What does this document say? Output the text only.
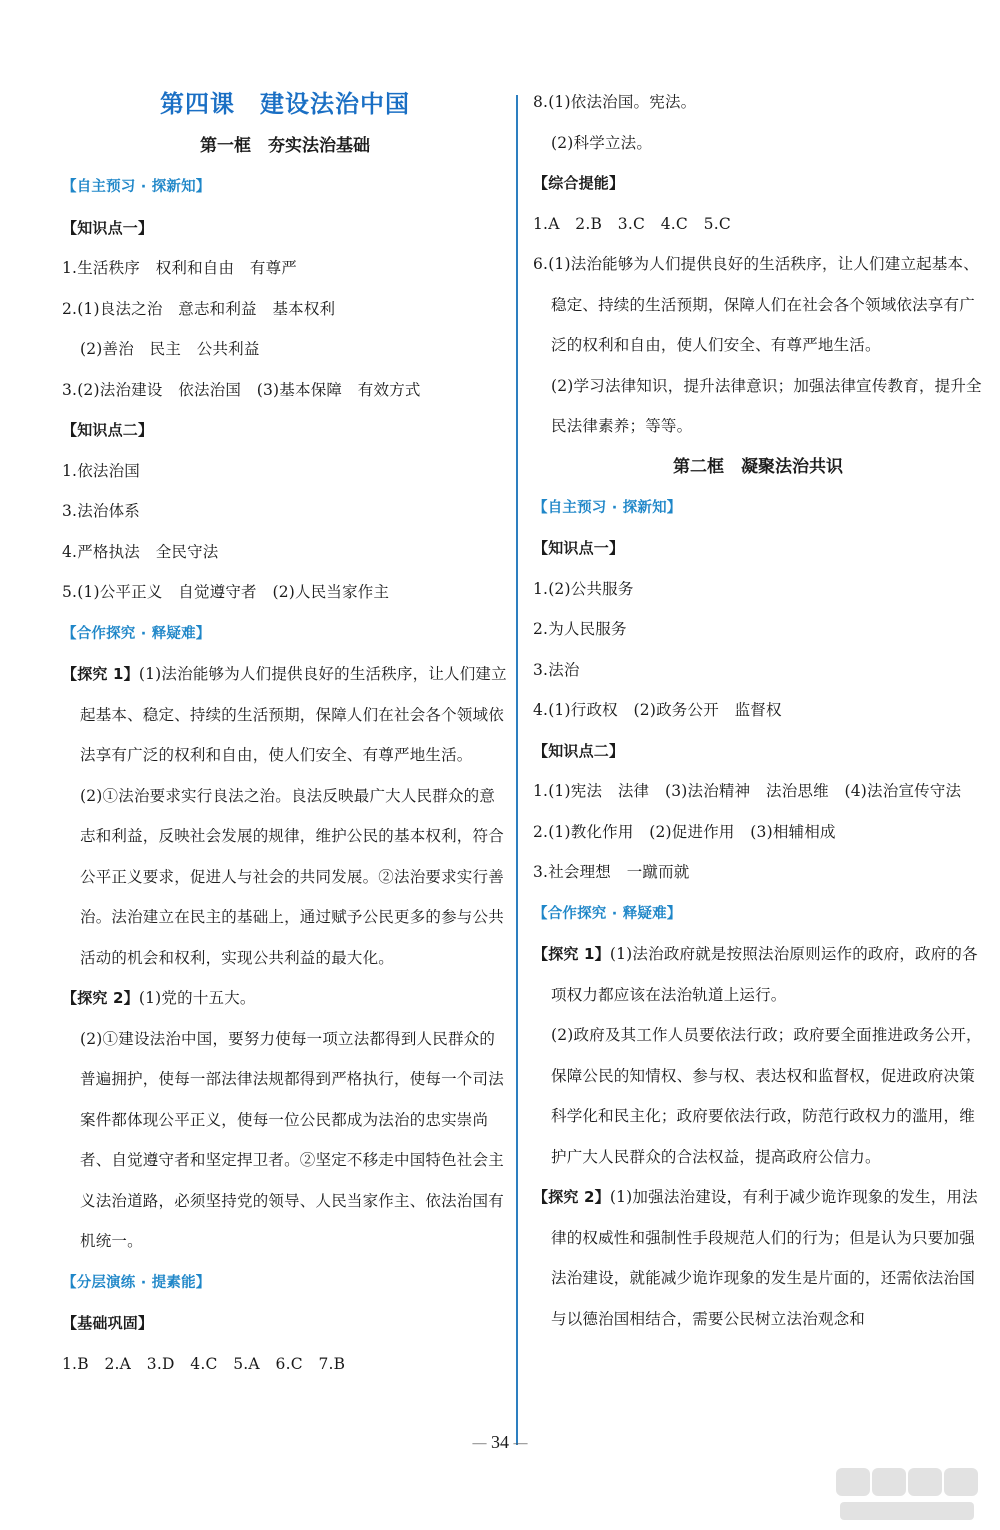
第四课　建设法治中国

第一框　夯实法治基础

【自主预习 · 探新知】

【知识点一】

1.生活秩序　权利和自由　有尊严

2.(1)良法之治　意志和利益　基本权利

(2)善治　民主　公共利益

3.(2)法治建设　依法治国　(3)基本保障　有效方式

【知识点二】

1.依法治国

3.法治体系

4.严格执法　全民守法

5.(1)公平正义　自觉遵守者　(2)人民当家作主

【合作探究 · 释疑难】

【探究 1】(1)法治能够为人们提供良好的生活秩序，让人们建立起基本、稳定、持续的生活预期，保障人们在社会各个领域依法享有广泛的权利和自由，使人们安全、有尊严地生活。

(2)①法治要求实行良法之治。良法反映最广大人民群众的意志和利益，反映社会发展的规律，维护公民的基本权利，符合公平正义要求，促进人与社会的共同发展。②法治要求实行善治。法治建立在民主的基础上，通过赋予公民更多的参与公共活动的机会和权利，实现公共利益的最大化。

【探究 2】(1)党的十五大。

(2)①建设法治中国，要努力使每一项立法都得到人民群众的普遍拥护，使每一部法律法规都得到严格执行，使每一个司法案件都体现公平正义，使每一位公民都成为法治的忠实崇尚者、自觉遵守者和坚定捍卫者。②坚定不移走中国特色社会主义法治道路，必须坚持党的领导、人民当家作主、依法治国有机统一。

【分层演练 · 提素能】

【基础巩固】

1.B　2.A　3.D　4.C　5.A　6.C　7.B

8.(1)依法治国。宪法。

(2)科学立法。

【综合提能】

1.A　2.B　3.C　4.C　5.C

6.(1)法治能够为人们提供良好的生活秩序，让人们建立起基本、稳定、持续的生活预期，保障人们在社会各个领域依法享有广泛的权利和自由，使人们安全、有尊严地生活。

(2)学习法律知识，提升法律意识；加强法律宣传教育，提升全民法律素养；等等。

第二框　凝聚法治共识

【自主预习 · 探新知】

【知识点一】

1.(2)公共服务

2.为人民服务

3.法治

4.(1)行政权　(2)政务公开　监督权

【知识点二】

1.(1)宪法　法律　(3)法治精神　法治思维　(4)法治宣传守法

2.(1)教化作用　(2)促进作用　(3)相辅相成

3.社会理想　一蹴而就

【合作探究 · 释疑难】

【探究 1】(1)法治政府就是按照法治原则运作的政府，政府的各项权力都应该在法治轨道上运行。

(2)政府及其工作人员要依法行政；政府要全面推进政务公开，保障公民的知情权、参与权、表达权和监督权，促进政府决策科学化和民主化；政府要依法行政，防范行政权力的滥用，维护广大人民群众的合法权益，提高政府公信力。

【探究 2】(1)加强法治建设，有利于减少诡诈现象的发生，用法律的权威性和强制性手段规范人们的行为；但是认为只要加强法治建设，就能减少诡诈现象的发生是片面的，还需依法治国与以德治国相结合，需要公民树立法治观念和

— 34 —
